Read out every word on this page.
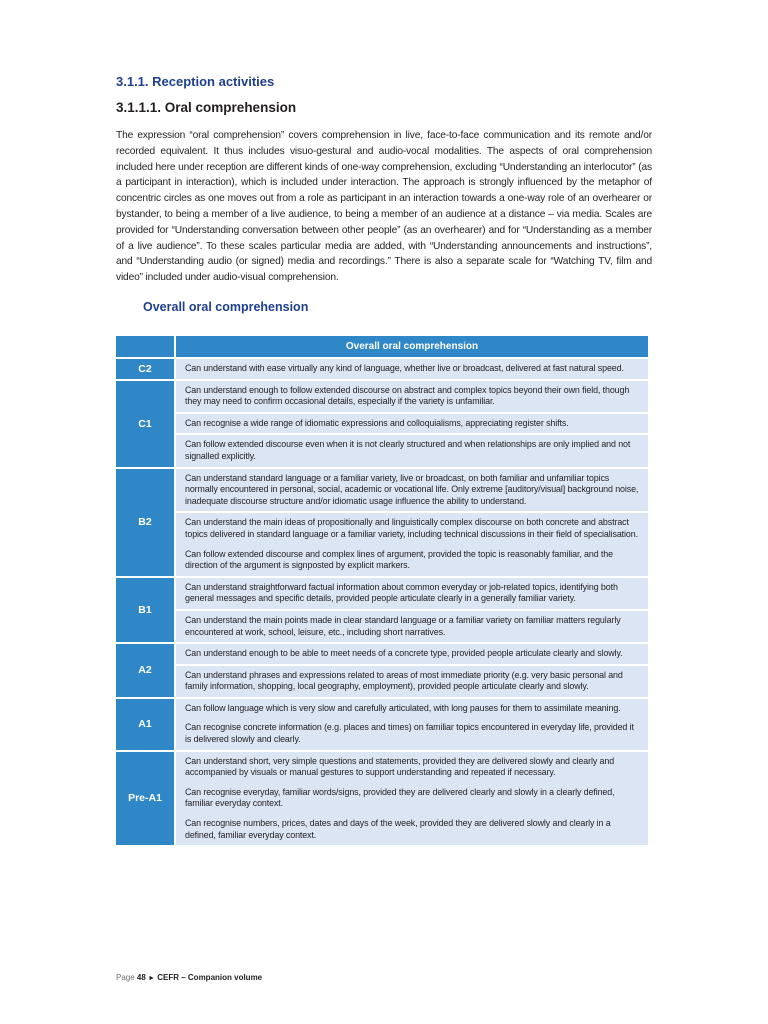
3.1.1. Reception activities
3.1.1.1. Oral comprehension
The expression “oral comprehension” covers comprehension in live, face-to-face communication and its remote and/or recorded equivalent. It thus includes visuo-gestural and audio-vocal modalities. The aspects of oral comprehension included here under reception are different kinds of one-way comprehension, excluding “Understanding an interlocutor” (as a participant in interaction), which is included under interaction. The approach is strongly influenced by the metaphor of concentric circles as one moves out from a role as participant in an interaction towards a one-way role of an overhearer or bystander, to being a member of a live audience, to being a member of an audience at a distance – via media. Scales are provided for “Understanding conversation between other people” (as an overhearer) and for “Understanding as a member of a live audience”. To these scales particular media are added, with “Understanding announcements and instructions”, and “Understanding audio (or signed) media and recordings.” There is also a separate scale for “Watching TV, film and video” included under audio-visual comprehension.
Overall oral comprehension
	Overall oral comprehension
C2	Can understand with ease virtually any kind of language, whether live or broadcast, delivered at fast natural speed.

C1	Can understand enough to follow extended discourse on abstract and complex topics beyond their own field, though they may need to confirm occasional details, especially if the variety is unfamiliar.

	Can recognise a wide range of idiomatic expressions and colloquialisms, appreciating register shifts.

	Can follow extended discourse even when it is not clearly structured and when relationships are only implied and not signalled explicitly.

B2	Can understand standard language or a familiar variety, live or broadcast, on both familiar and unfamiliar topics normally encountered in personal, social, academic or vocational life. Only extreme [auditory/visual] background noise, inadequate discourse structure and/or idiomatic usage influence the ability to understand.

	Can understand the main ideas of propositionally and linguistically complex discourse on both concrete and abstract topics delivered in standard language or a familiar variety, including technical discussions in their field of specialisation.

Can follow extended discourse and complex lines of argument, provided the topic is reasonably familiar, and the direction of the argument is signposted by explicit markers.

B1	Can understand straightforward factual information about common everyday or job-related topics, identifying both general messages and specific details, provided people articulate clearly in a generally familiar variety.

	Can understand the main points made in clear standard language or a familiar variety on familiar matters regularly encountered at work, school, leisure, etc., including short narratives.

A2	Can understand enough to be able to meet needs of a concrete type, provided people articulate clearly and slowly.

	Can understand phrases and expressions related to areas of most immediate priority (e.g. very basic personal and family information, shopping, local geography, employment), provided people articulate clearly and slowly.

A1	Can follow language which is very slow and carefully articulated, with long pauses for them to assimilate meaning.

Can recognise concrete information (e.g. places and times) on familiar topics encountered in everyday life, provided it is delivered slowly and clearly.

Pre-A1	Can understand short, very simple questions and statements, provided they are delivered slowly and clearly and accompanied by visuals or manual gestures to support understanding and repeated if necessary.

Can recognise everyday, familiar words/signs, provided they are delivered clearly and slowly in a clearly defined, familiar everyday context.

Can recognise numbers, prices, dates and days of the week, provided they are delivered slowly and clearly in a defined, familiar everyday context.

Page 48 ► CEFR – Companion volume
